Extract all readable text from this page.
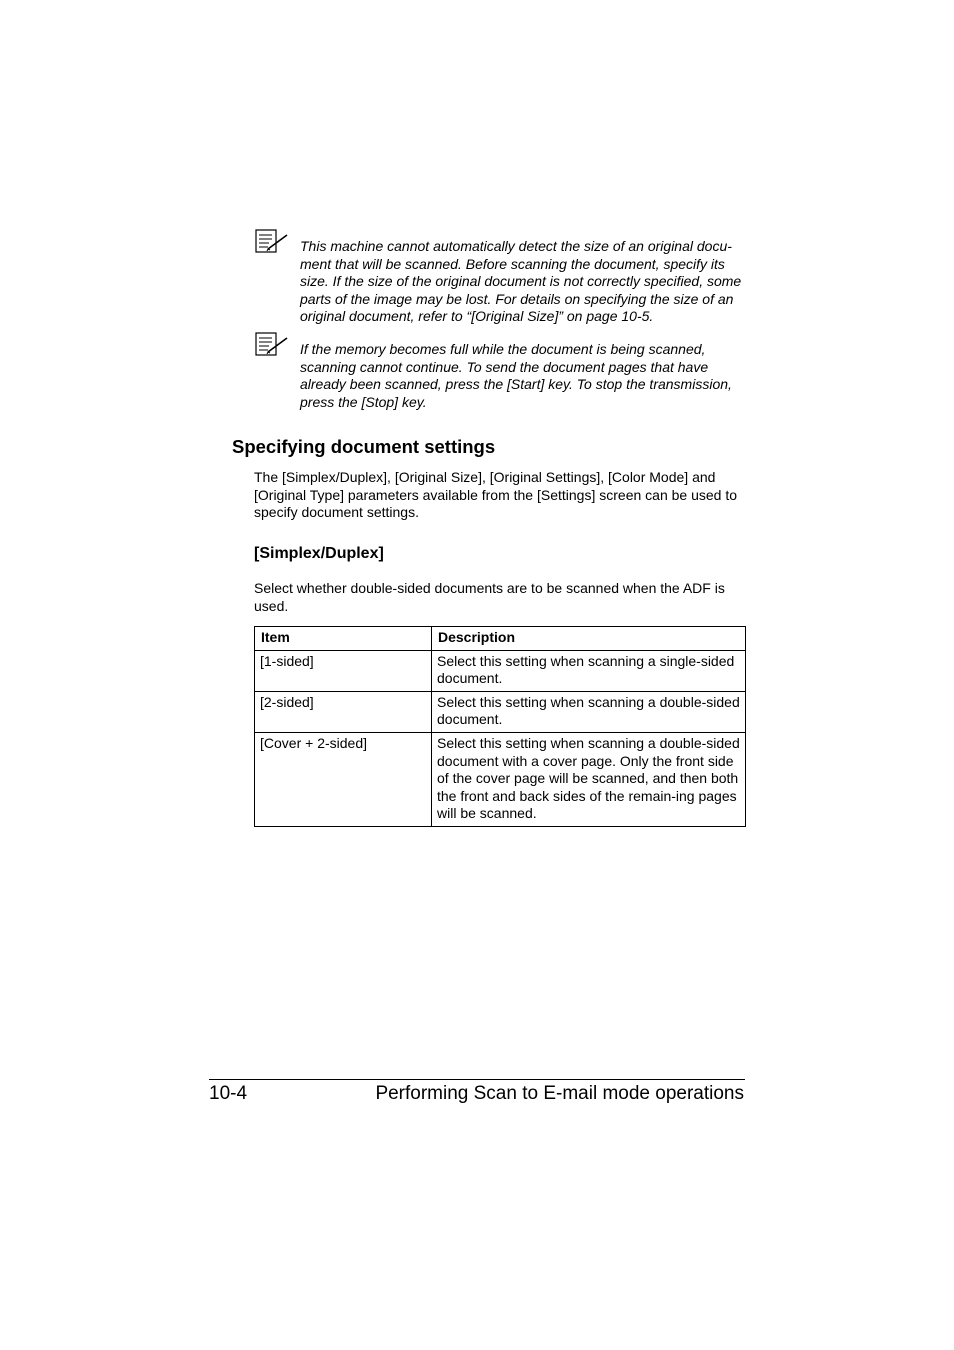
This machine cannot automatically detect the size of an original docu-ment that will be scanned. Before scanning the document, specify its size. If the size of the original document is not correctly specified, some parts of the image may be lost. For details on specifying the size of an original document, refer to “[Original Size]” on page 10-5.

If the memory becomes full while the document is being scanned, scanning cannot continue. To send the document pages that have already been scanned, press the [Start] key. To stop the transmission, press the [Stop] key.

Specifying document settings

The [Simplex/Duplex], [Original Size], [Original Settings], [Color Mode] and [Original Type] parameters available from the [Settings] screen can be used to specify document settings.

[Simplex/Duplex]

Select whether double-sided documents are to be scanned when the ADF is used.

Item	Description
[1-sided]	Select this setting when scanning a single-sided document.
[2-sided]	Select this setting when scanning a double-sided document.
[Cover + 2-sided]	Select this setting when scanning a double-sided document with a cover page. Only the front side of the cover page will be scanned, and then both the front and back sides of the remain-ing pages will be scanned.
10-4	Performing Scan to E-mail mode operations
